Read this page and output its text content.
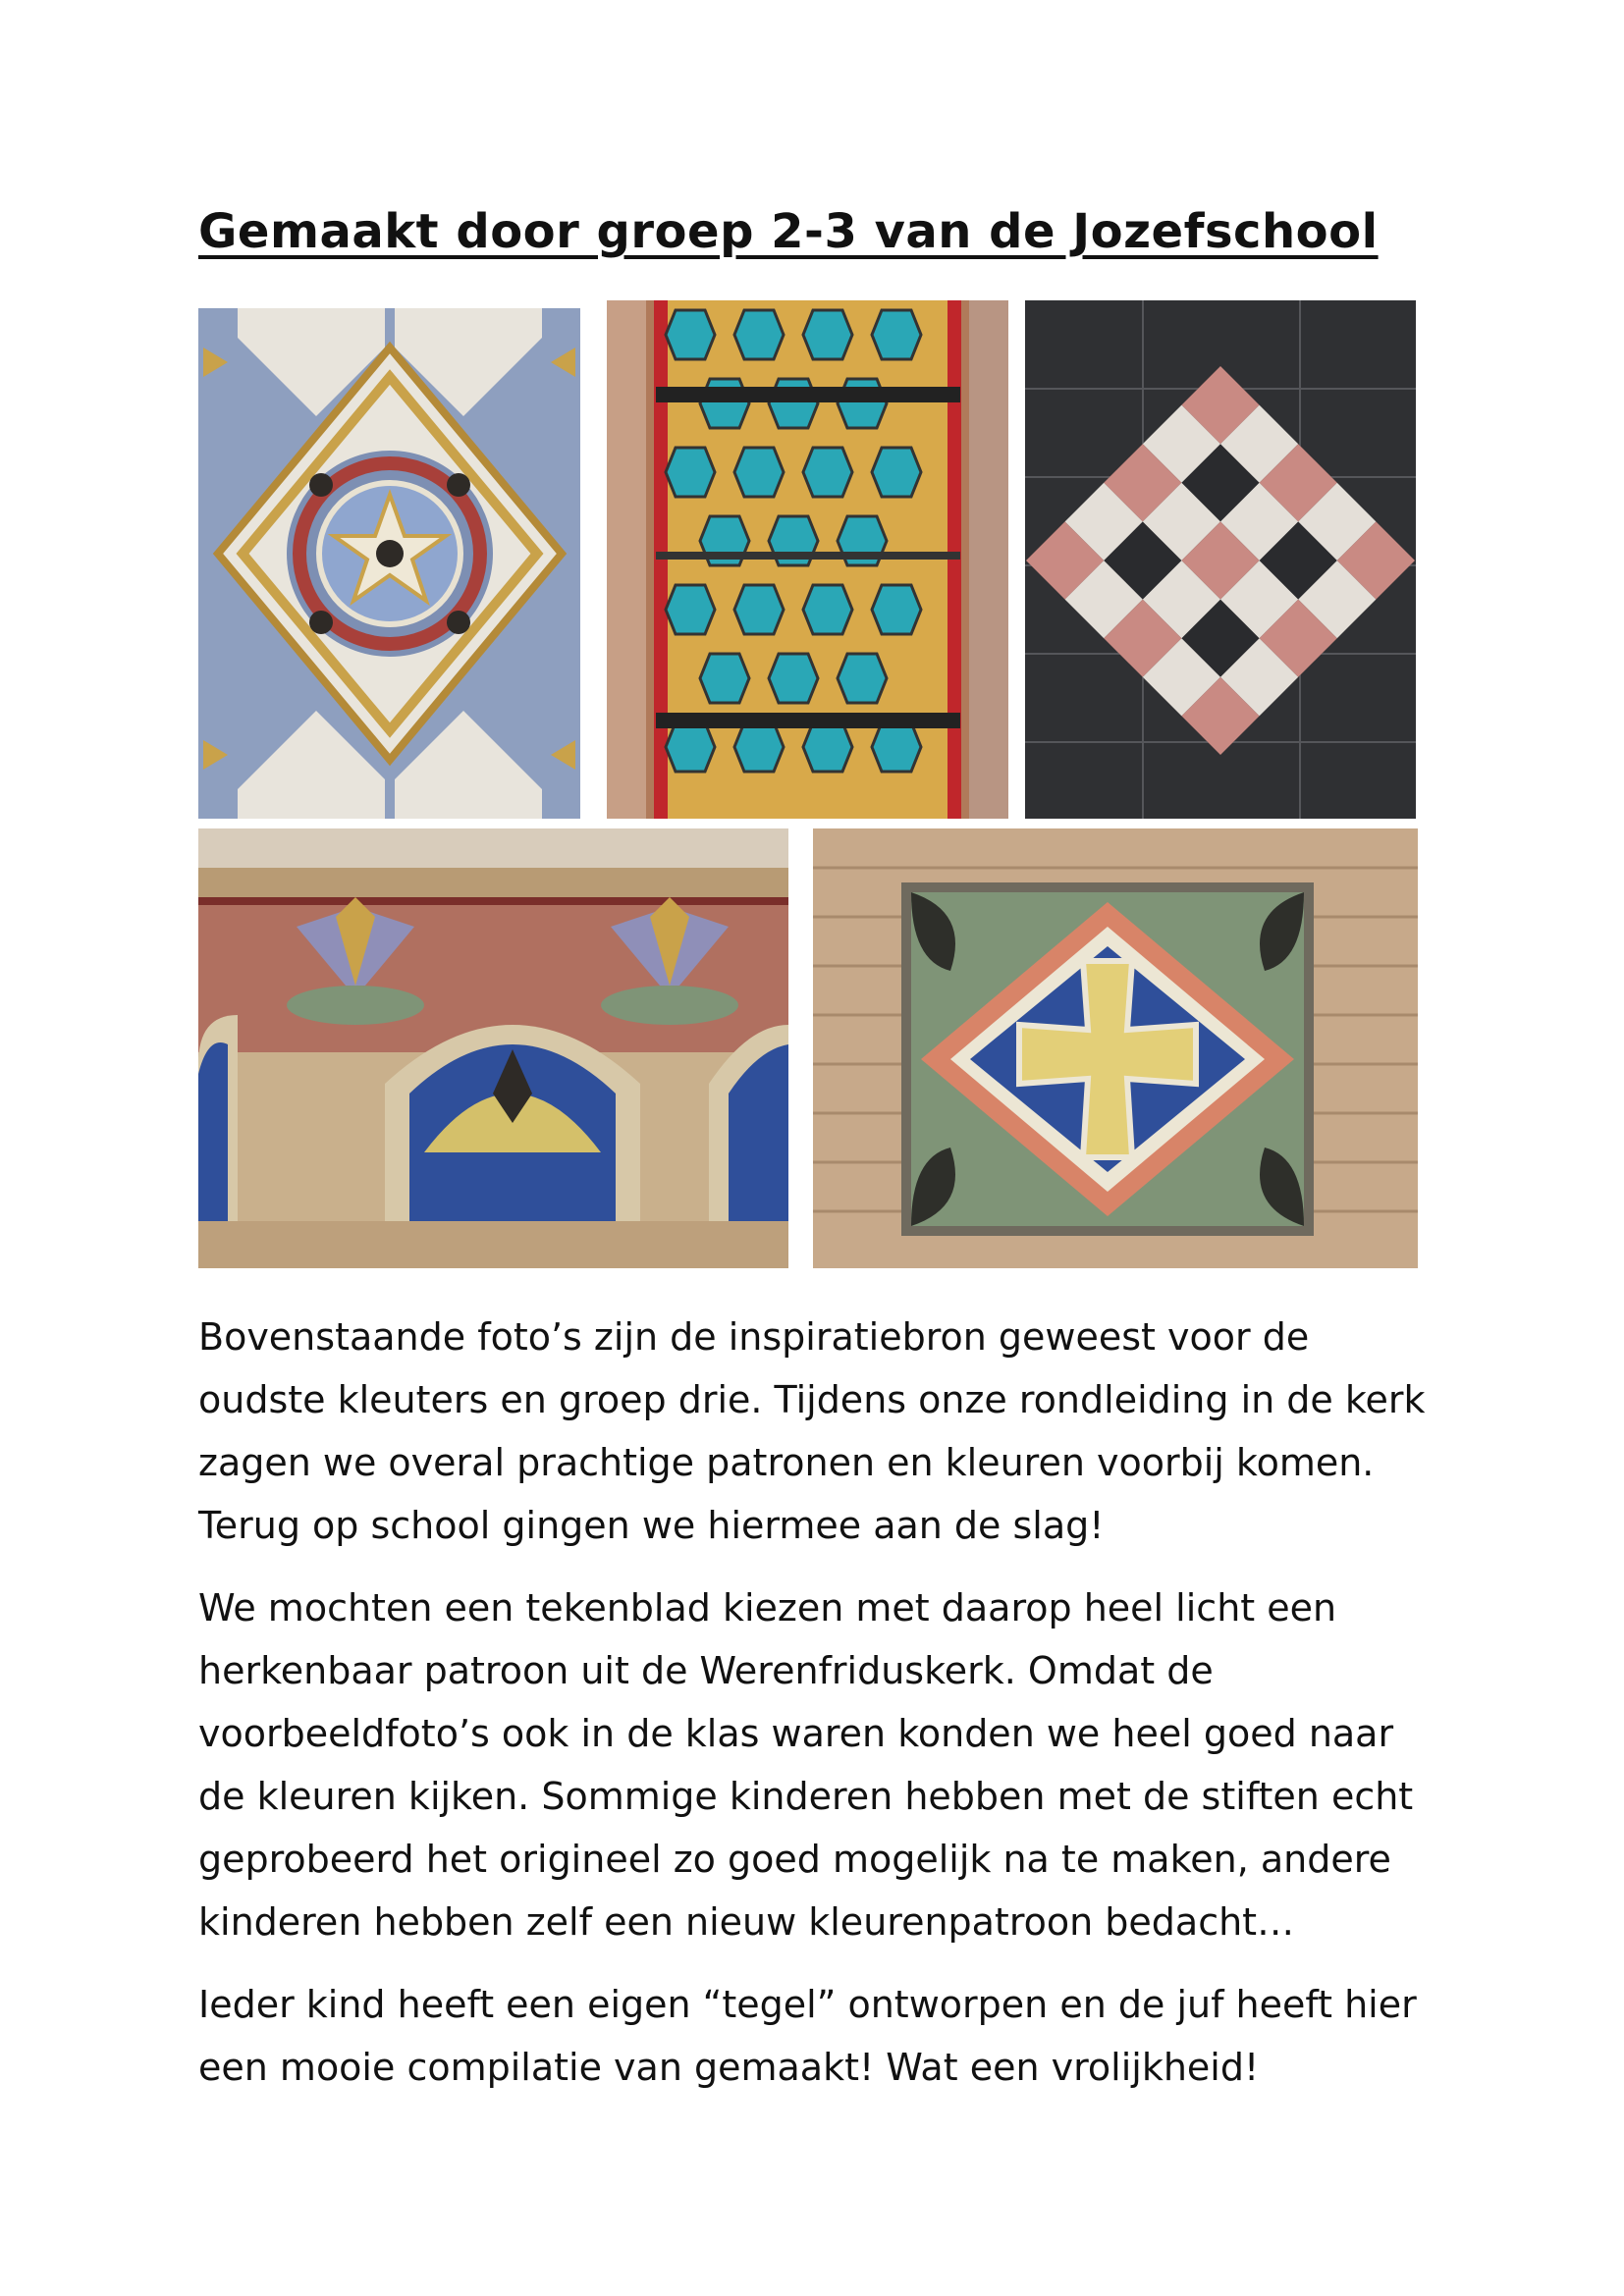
Gemaakt door groep 2-3 van de Jozefschool

Bovenstaande foto’s zijn de inspiratiebron geweest voor de oudste kleuters en groep drie. Tijdens onze rondleiding in de kerk zagen we overal prachtige patronen en kleuren voorbij komen. Terug op school gingen we hiermee aan de slag!

We mochten een tekenblad kiezen met daarop heel licht een herkenbaar patroon uit de Werenfriduskerk. Omdat de voorbeeldfoto’s ook in de klas waren konden we heel goed naar de kleuren kijken. Sommige kinderen hebben met de stiften echt geprobeerd het origineel zo goed mogelijk na te maken, andere kinderen hebben zelf een nieuw kleurenpatroon bedacht…

Ieder kind heeft een eigen “tegel” ontworpen en de juf heeft hier een mooie compilatie van gemaakt! Wat een vrolijkheid!
